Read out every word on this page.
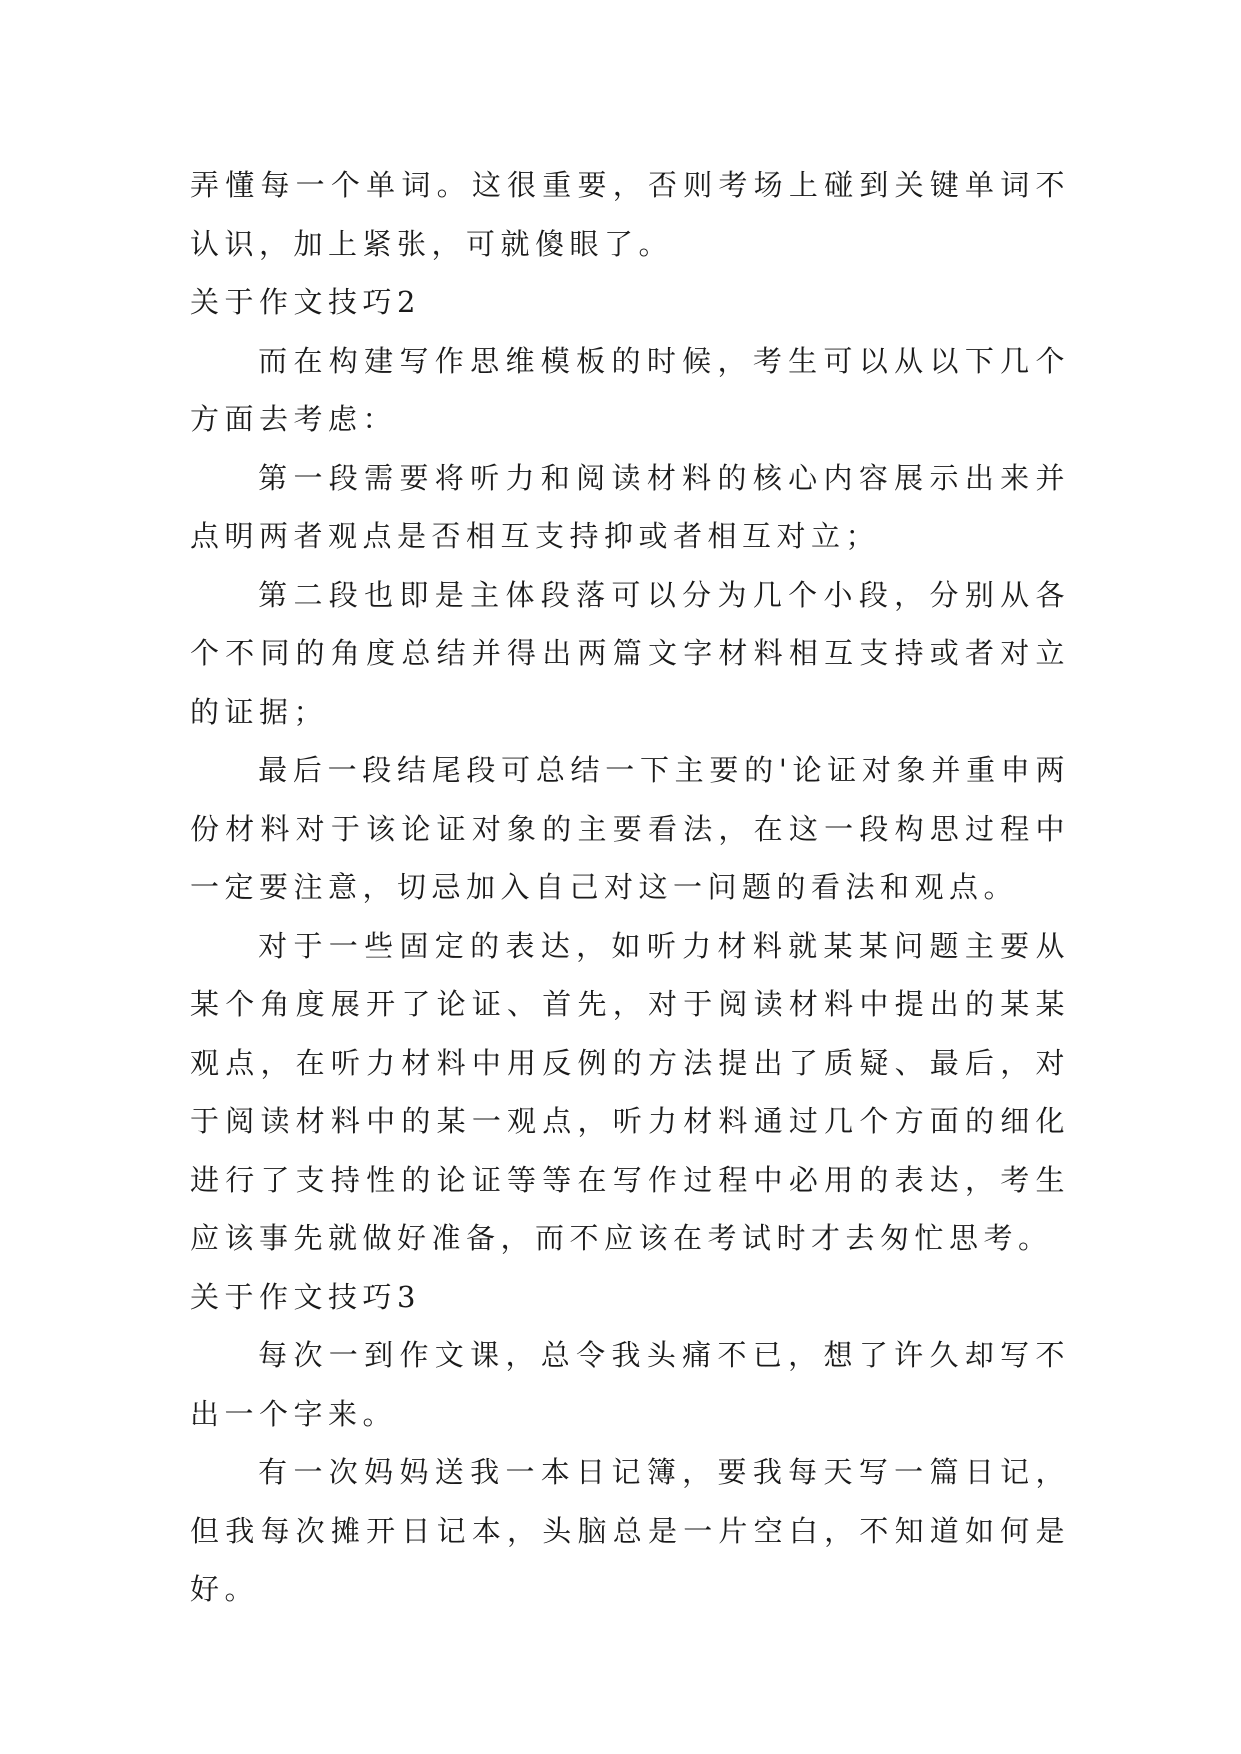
弄懂每一个单词。这很重要，否则考场上碰到关键单词不认识，加上紧张，可就傻眼了。

关于作文技巧2

而在构建写作思维模板的时候，考生可以从以下几个方面去考虑：

第一段需要将听力和阅读材料的核心内容展示出来并点明两者观点是否相互支持抑或者相互对立；

第二段也即是主体段落可以分为几个小段，分别从各个不同的角度总结并得出两篇文字材料相互支持或者对立的证据；

最后一段结尾段可总结一下主要的'论证对象并重申两份材料对于该论证对象的主要看法，在这一段构思过程中一定要注意，切忌加入自己对这一问题的看法和观点。

对于一些固定的表达，如听力材料就某某问题主要从某个角度展开了论证、首先，对于阅读材料中提出的某某观点，在听力材料中用反例的方法提出了质疑、最后，对于阅读材料中的某一观点，听力材料通过几个方面的细化进行了支持性的论证等等在写作过程中必用的表达，考生应该事先就做好准备，而不应该在考试时才去匆忙思考。

关于作文技巧3

每次一到作文课，总令我头痛不已，想了许久却写不出一个字来。

有一次妈妈送我一本日记簿，要我每天写一篇日记，但我每次摊开日记本，头脑总是一片空白，不知道如何是好。
